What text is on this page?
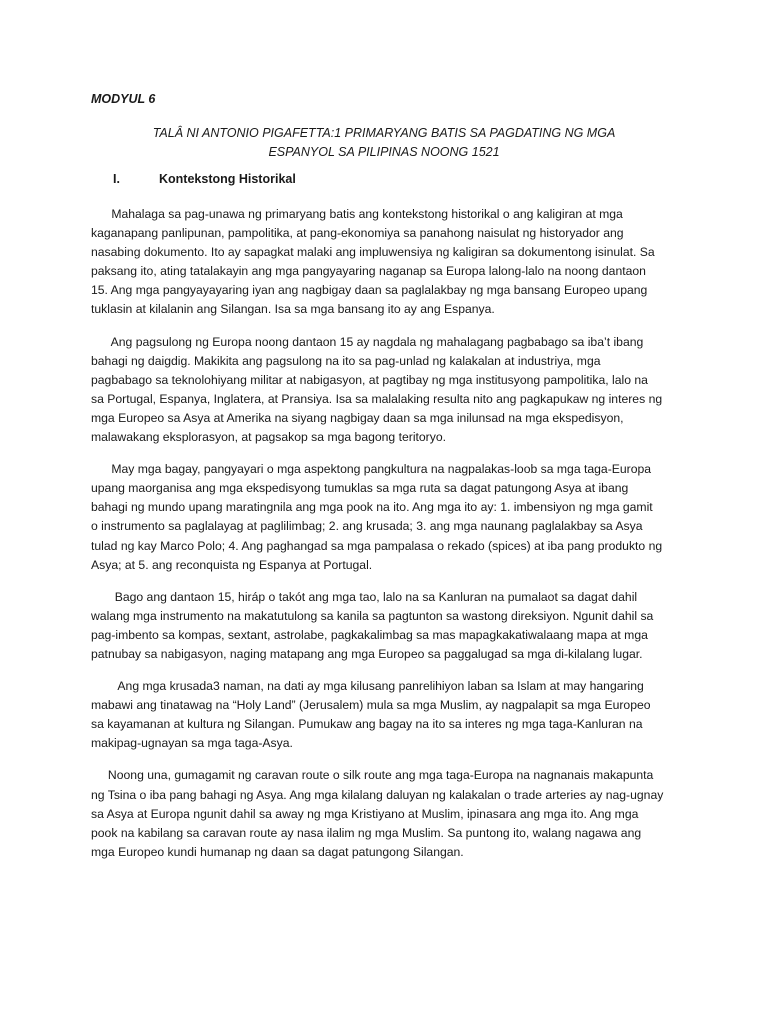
MODYUL 6
TALÂ NI ANTONIO PIGAFETTA:1 PRIMARYANG BATIS SA PAGDATING NG MGA
ESPANYOL SA PILIPINAS NOONG 1521
I.	Kontekstong Historikal

Mahalaga sa pag-unawa ng primaryang batis ang kontekstong historikal o ang kaligiran at mga
kaganapang panlipunan, pampolitika, at pang-ekonomiya sa panahong naisulat ng historyador ang
nasabing dokumento. Ito ay sapagkat malaki ang impluwensiya ng kaligiran sa dokumentong isinulat. Sa
paksang ito, ating tatalakayin ang mga pangyayaring naganap sa Europa lalong-lalo na noong dantaon
15. Ang mga pangyayayaring iyan ang nagbigay daan sa paglalakbay ng mga bansang Europeo upang
tuklasin at kilalanin ang Silangan. Isa sa mga bansang ito ay ang Espanya.

Ang pagsulong ng Europa noong dantaon 15 ay nagdala ng mahalagang pagbabago sa iba’t ibang
bahagi ng daigdig. Makikita ang pagsulong na ito sa pag-unlad ng kalakalan at industriya, mga
pagbabago sa teknolohiyang militar at nabigasyon, at pagtibay ng mga institusyong pampolitika, lalo na
sa Portugal, Espanya, Inglatera, at Pransiya. Isa sa malalaking resulta nito ang pagkapukaw ng interes ng
mga Europeo sa Asya at Amerika na siyang nagbigay daan sa mga inilunsad na mga ekspedisyon,
malawakang eksplorasyon, at pagsakop sa mga bagong teritoryo.

May mga bagay, pangyayari o mga aspektong pangkultura na nagpalakas-loob sa mga taga-Europa
upang maorganisa ang mga ekspedisyong tumuklas sa mga ruta sa dagat patungong Asya at ibang
bahagi ng mundo upang maratingnila ang mga pook na ito. Ang mga ito ay: 1. imbensiyon ng mga gamit
o instrumento sa paglalayag at paglilimbag; 2. ang krusada; 3. ang mga naunang paglalakbay sa Asya
tulad ng kay Marco Polo; 4. Ang paghangad sa mga pampalasa o rekado (spices) at iba pang produkto ng
Asya; at 5. ang reconquista ng Espanya at Portugal.

Bago ang dantaon 15, hiráp o takót ang mga tao, lalo na sa Kanluran na pumalaot sa dagat dahil
walang mga instrumento na makatutulong sa kanila sa pagtunton sa wastong direksiyon. Ngunit dahil sa
pag-imbento sa kompas, sextant, astrolabe, pagkakalimbag sa mas mapagkakatiwalaang mapa at mga
patnubay sa nabigasyon, naging matapang ang mga Europeo sa paggalugad sa mga di-kilalang lugar.

Ang mga krusada3 naman, na dati ay mga kilusang panrelihiyon laban sa Islam at may hangaring
mabawi ang tinatawag na “Holy Land” (Jerusalem) mula sa mga Muslim, ay nagpalapit sa mga Europeo
sa kayamanan at kultura ng Silangan. Pumukaw ang bagay na ito sa interes ng mga taga-Kanluran na
makipag-ugnayan sa mga taga-Asya.

Noong una, gumagamit ng caravan route o silk route ang mga taga-Europa na nagnanais makapunta
ng Tsina o iba pang bahagi ng Asya. Ang mga kilalang daluyan ng kalakalan o trade arteries ay nag-ugnay
sa Asya at Europa ngunit dahil sa away ng mga Kristiyano at Muslim, ipinasara ang mga ito. Ang mga
pook na kabilang sa caravan route ay nasa ilalim ng mga Muslim. Sa puntong ito, walang nagawa ang
mga Europeo kundi humanap ng daan sa dagat patungong Silangan.
